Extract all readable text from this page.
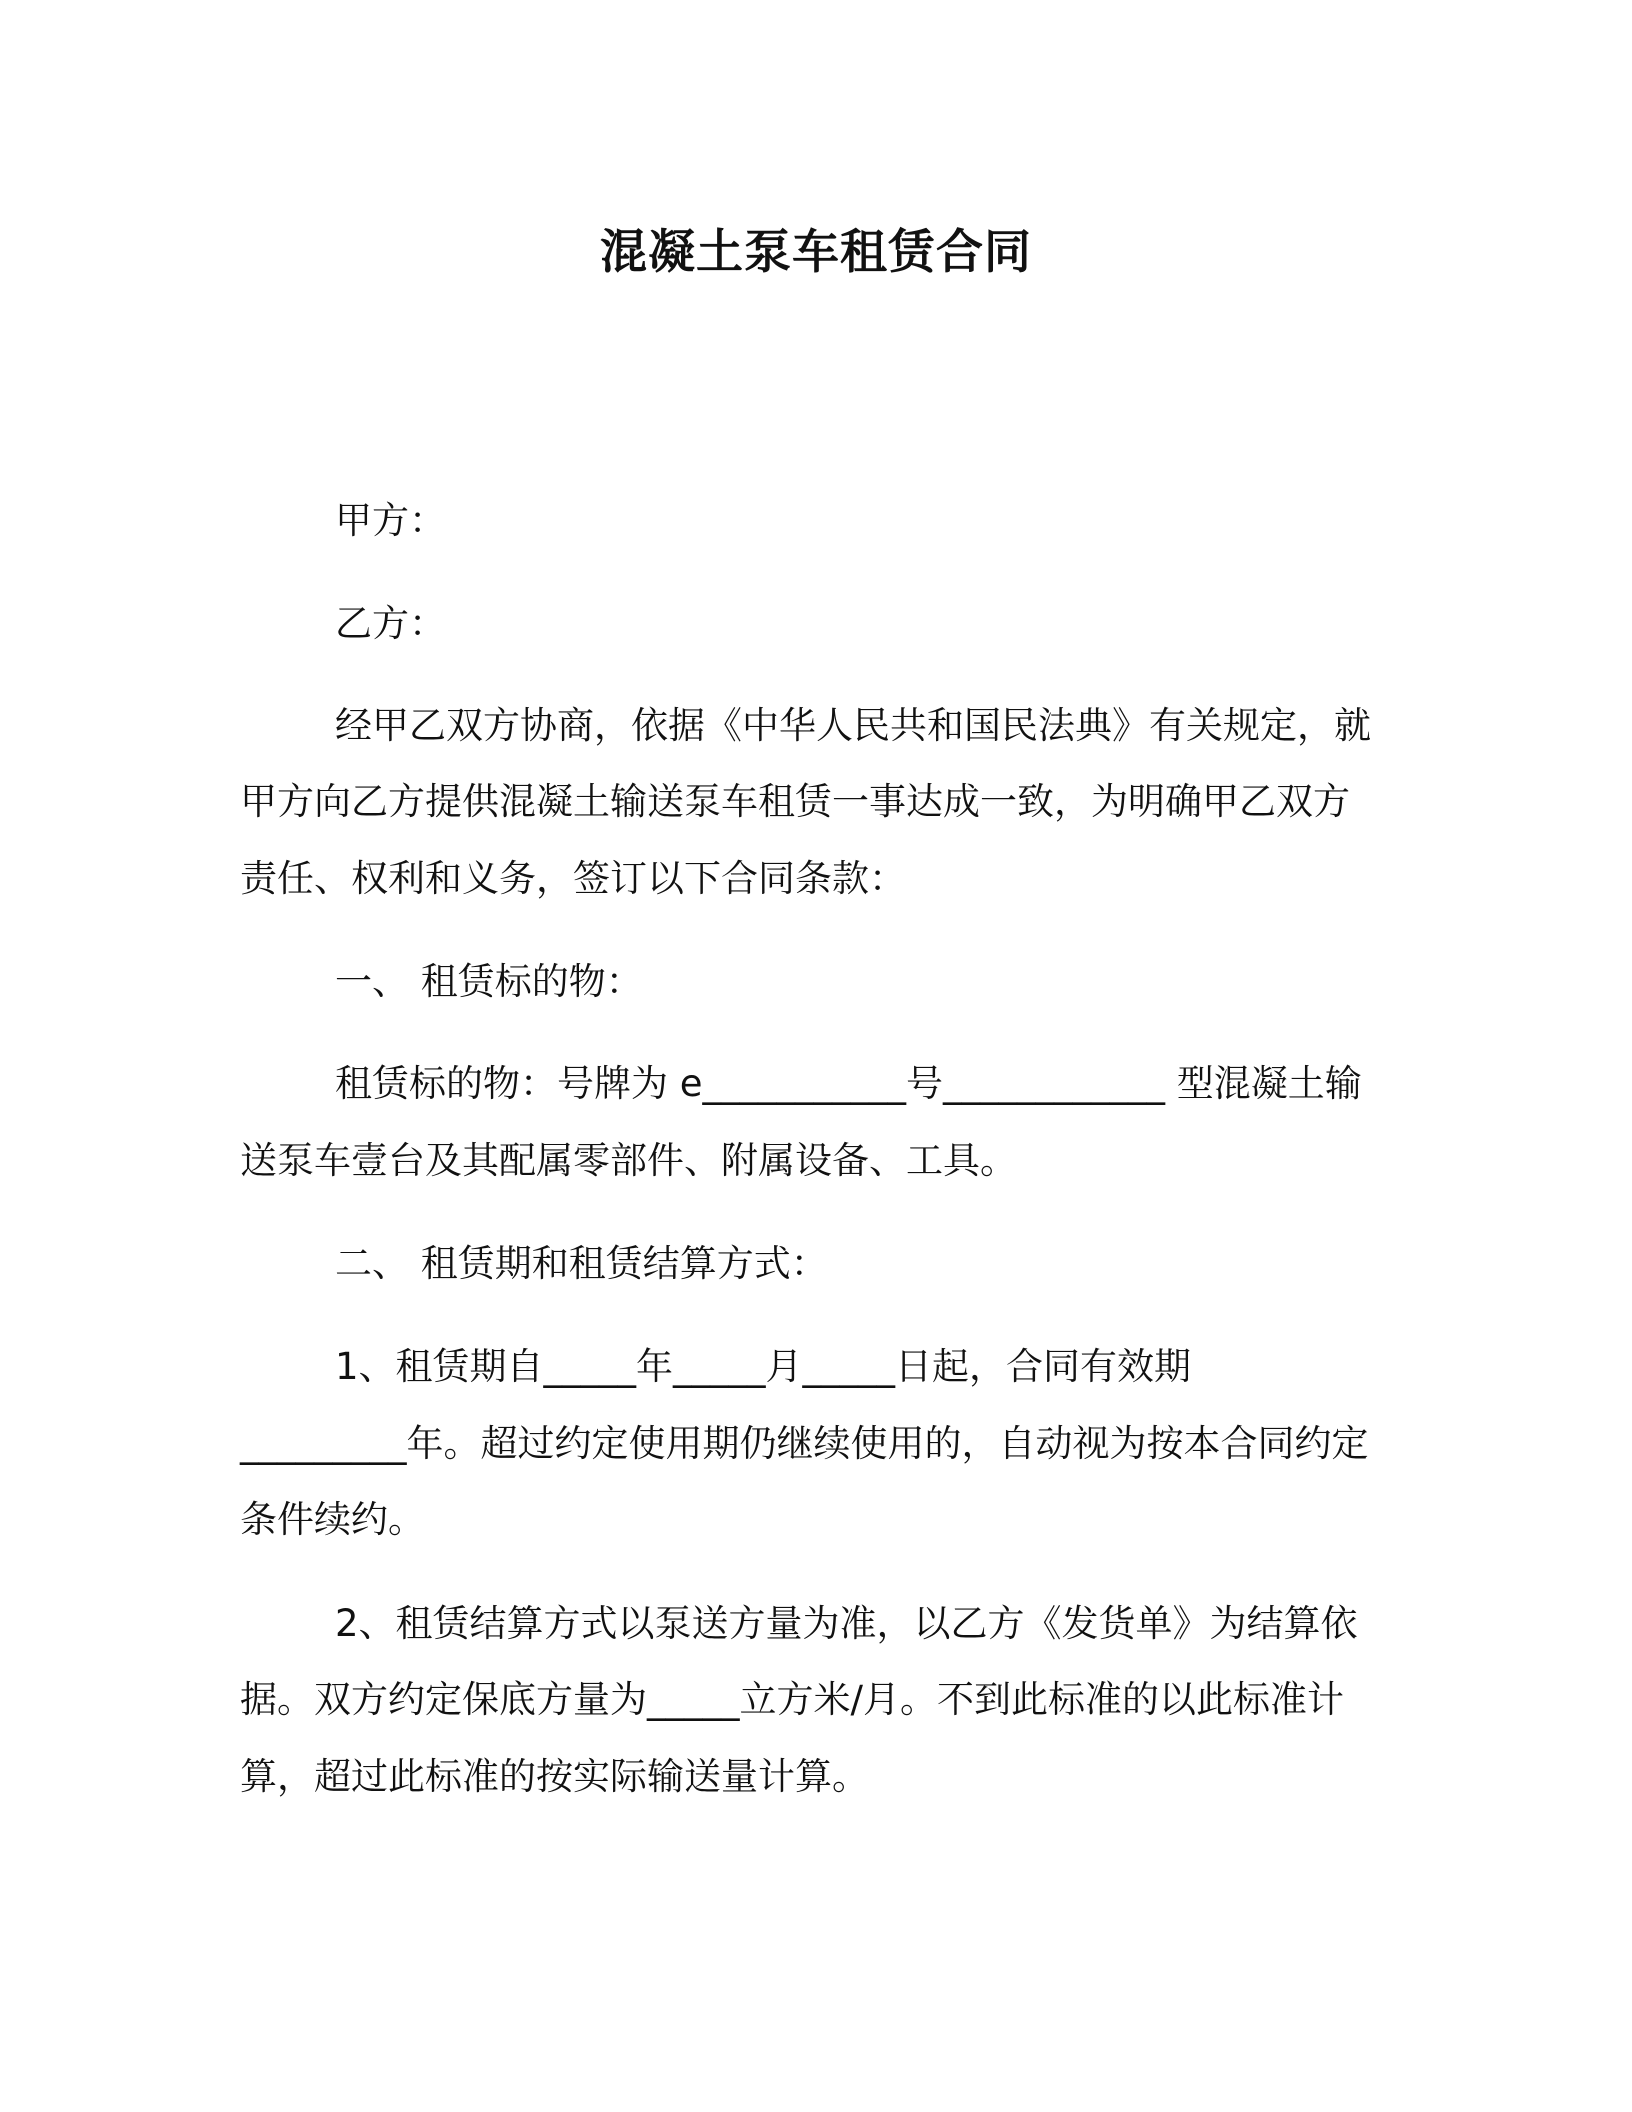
混凝土泵车租赁合同
甲方：
乙方：
经甲乙双方协商，依据《中华人民共和国民法典》有关规定，就
甲方向乙方提供混凝土输送泵车租赁一事达成一致，为明确甲乙双方
责任、权利和义务，签订以下合同条款：
一、 租赁标的物：
租赁标的物：号牌为 e___________号____________ 型混凝土输
送泵车壹台及其配属零部件、附属设备、工具。
二、 租赁期和租赁结算方式：
1、租赁期自_____年_____月_____日起，合同有效期
_________年。超过约定使用期仍继续使用的，自动视为按本合同约定
条件续约。
2、租赁结算方式以泵送方量为准，以乙方《发货单》为结算依
据。双方约定保底方量为_____立方米/月。不到此标准的以此标准计
算，超过此标准的按实际输送量计算。
